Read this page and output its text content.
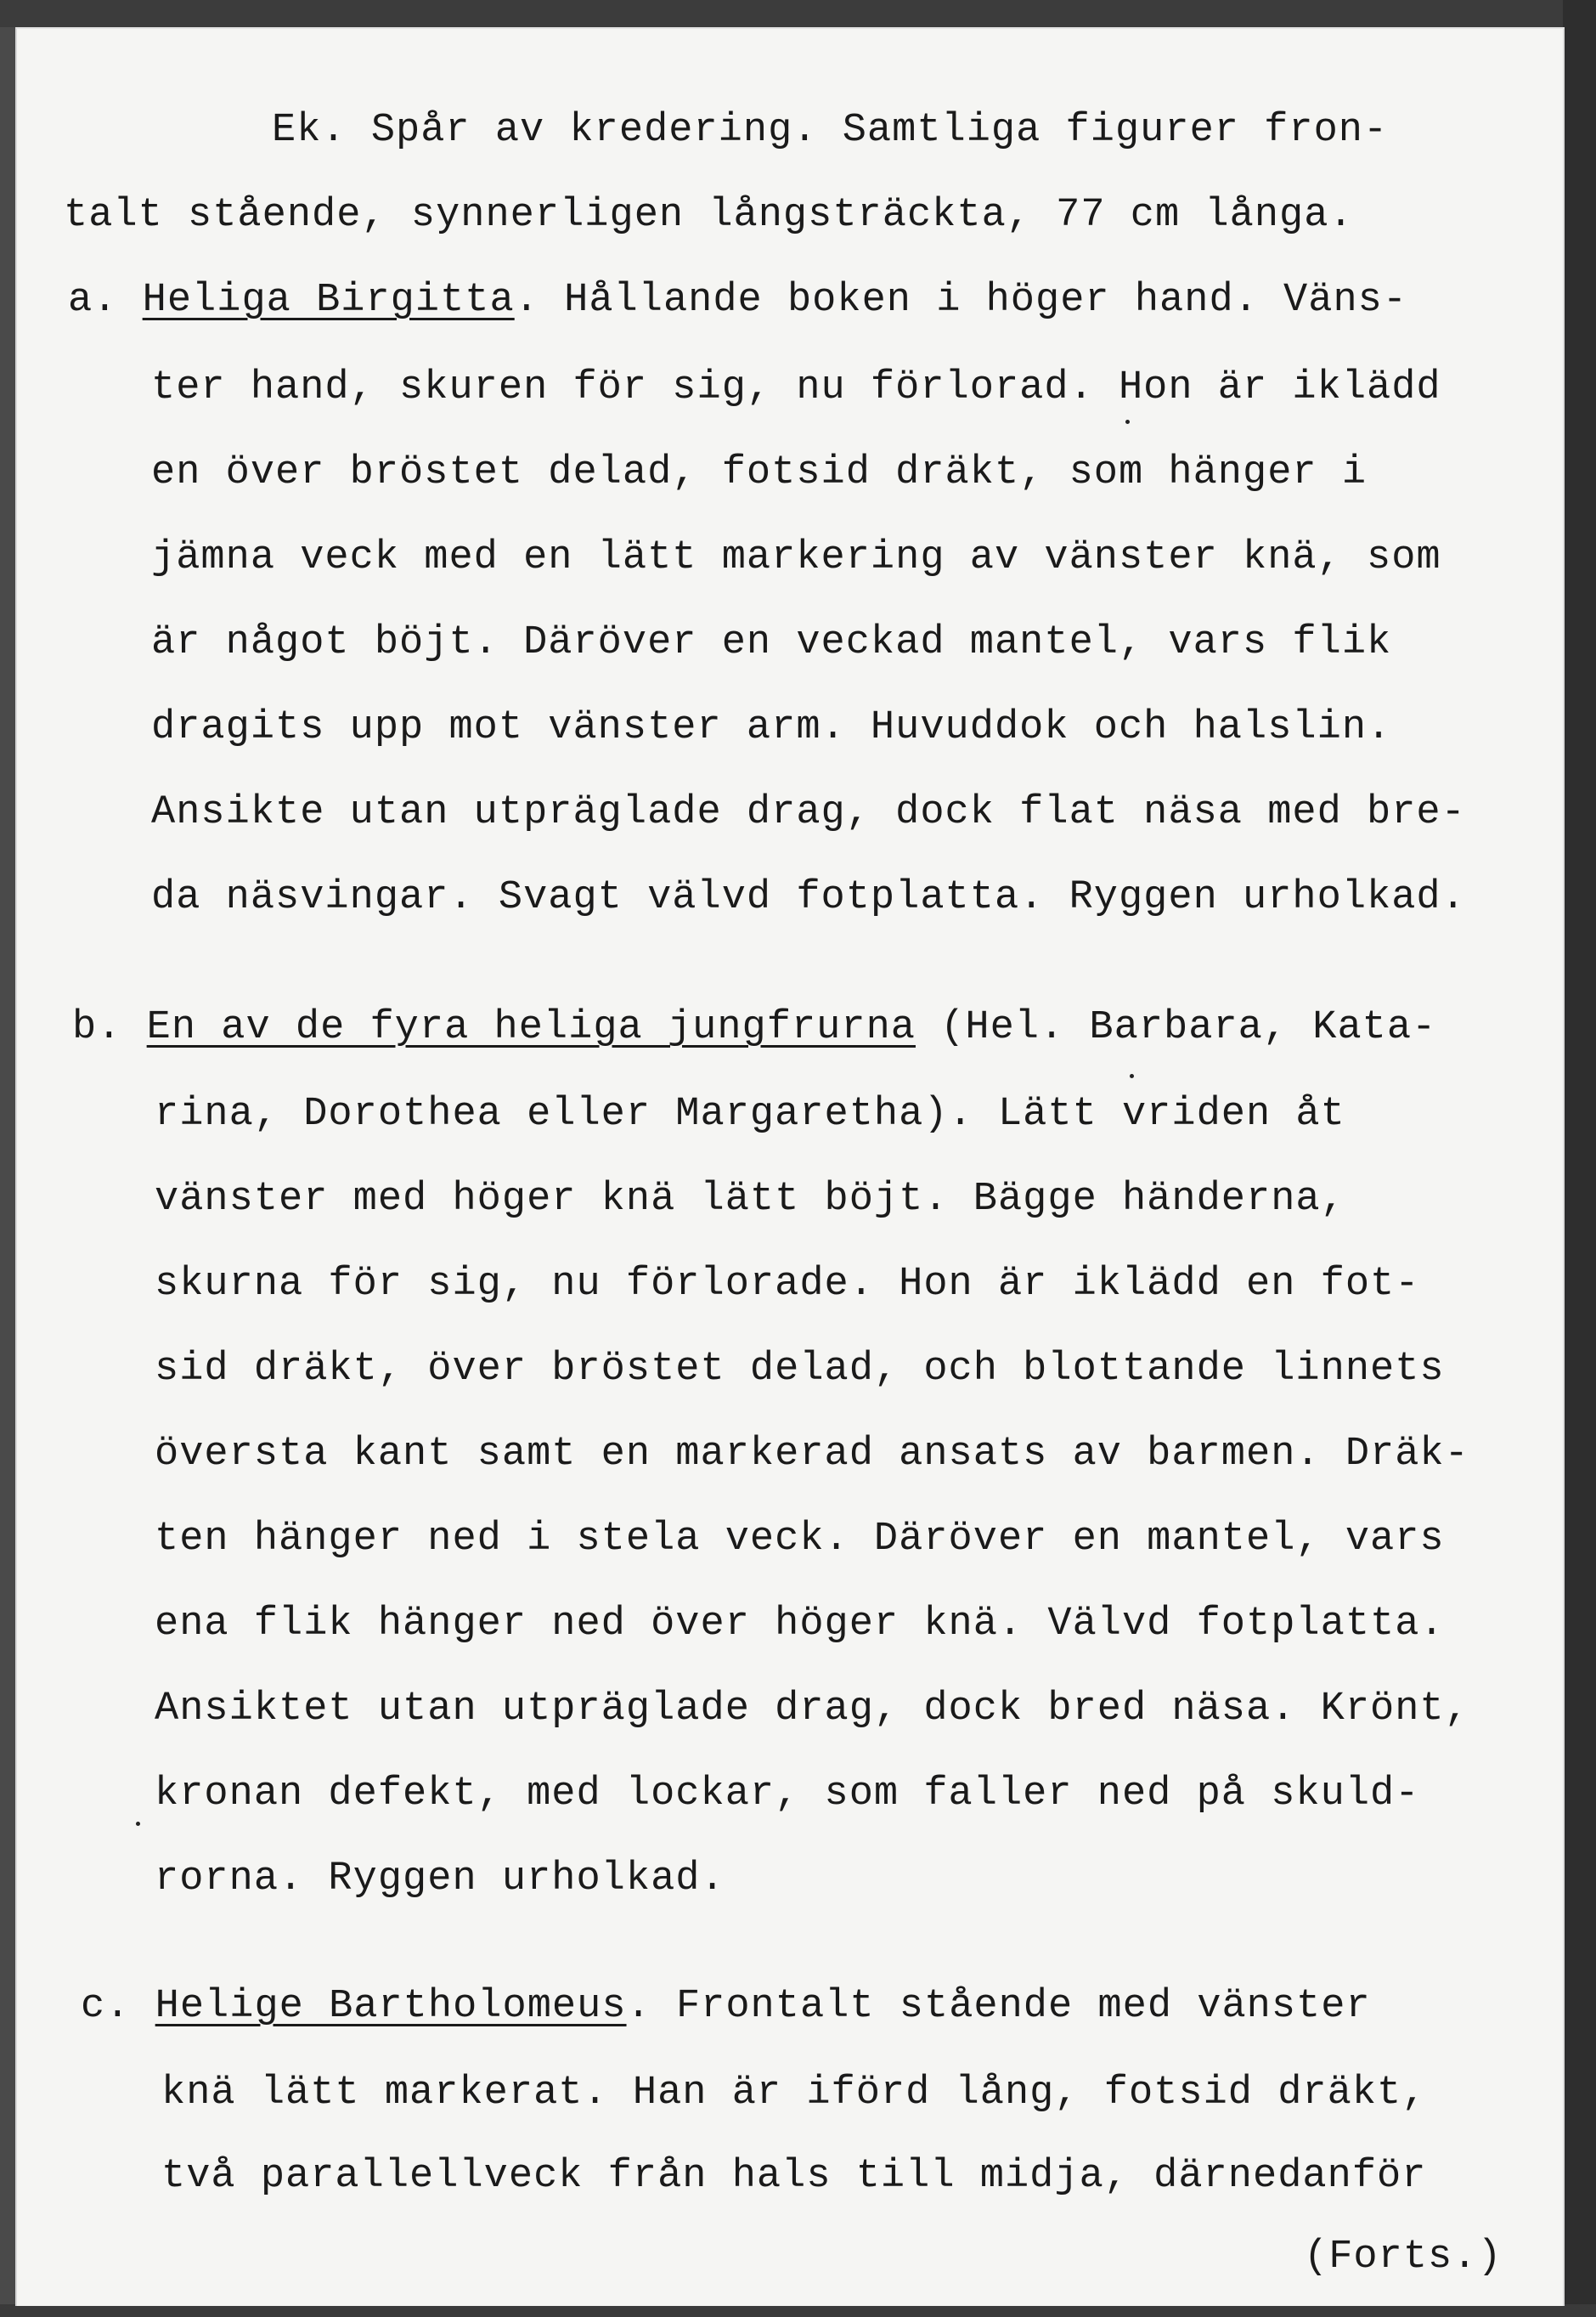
Ek. Spår av kredering. Samtliga figurer fron-
talt stående, synnerligen långsträckta, 77 cm långa.
a. Heliga Birgitta. Hållande boken i höger hand. Väns-
ter hand, skuren för sig, nu förlorad. Hon är iklädd
en över bröstet delad, fotsid dräkt, som hänger i
jämna veck med en lätt markering av vänster knä, som
är något böjt. Däröver en veckad mantel, vars flik
dragits upp mot vänster arm. Huvuddok och halslin.
Ansikte utan utpräglade drag, dock flat näsa med bre-
da näsvingar. Svagt välvd fotplatta. Ryggen urholkad.
b. En av de fyra heliga jungfrurna (Hel. Barbara, Kata-
rina, Dorothea eller Margaretha). Lätt vriden åt
vänster med höger knä lätt böjt. Bägge händerna,
skurna för sig, nu förlorade. Hon är iklädd en fot-
sid dräkt, över bröstet delad, och blottande linnets
översta kant samt en markerad ansats av barmen. Dräk-
ten hänger ned i stela veck. Däröver en mantel, vars
ena flik hänger ned över höger knä. Välvd fotplatta.
Ansiktet utan utpräglade drag, dock bred näsa. Krönt,
kronan defekt, med lockar, som faller ned på skuld-
rorna. Ryggen urholkad.
c. Helige Bartholomeus. Frontalt stående med vänster
knä lätt markerat. Han är iförd lång, fotsid dräkt,
två parallellveck från hals till midja, därnedanför
(Forts.)
